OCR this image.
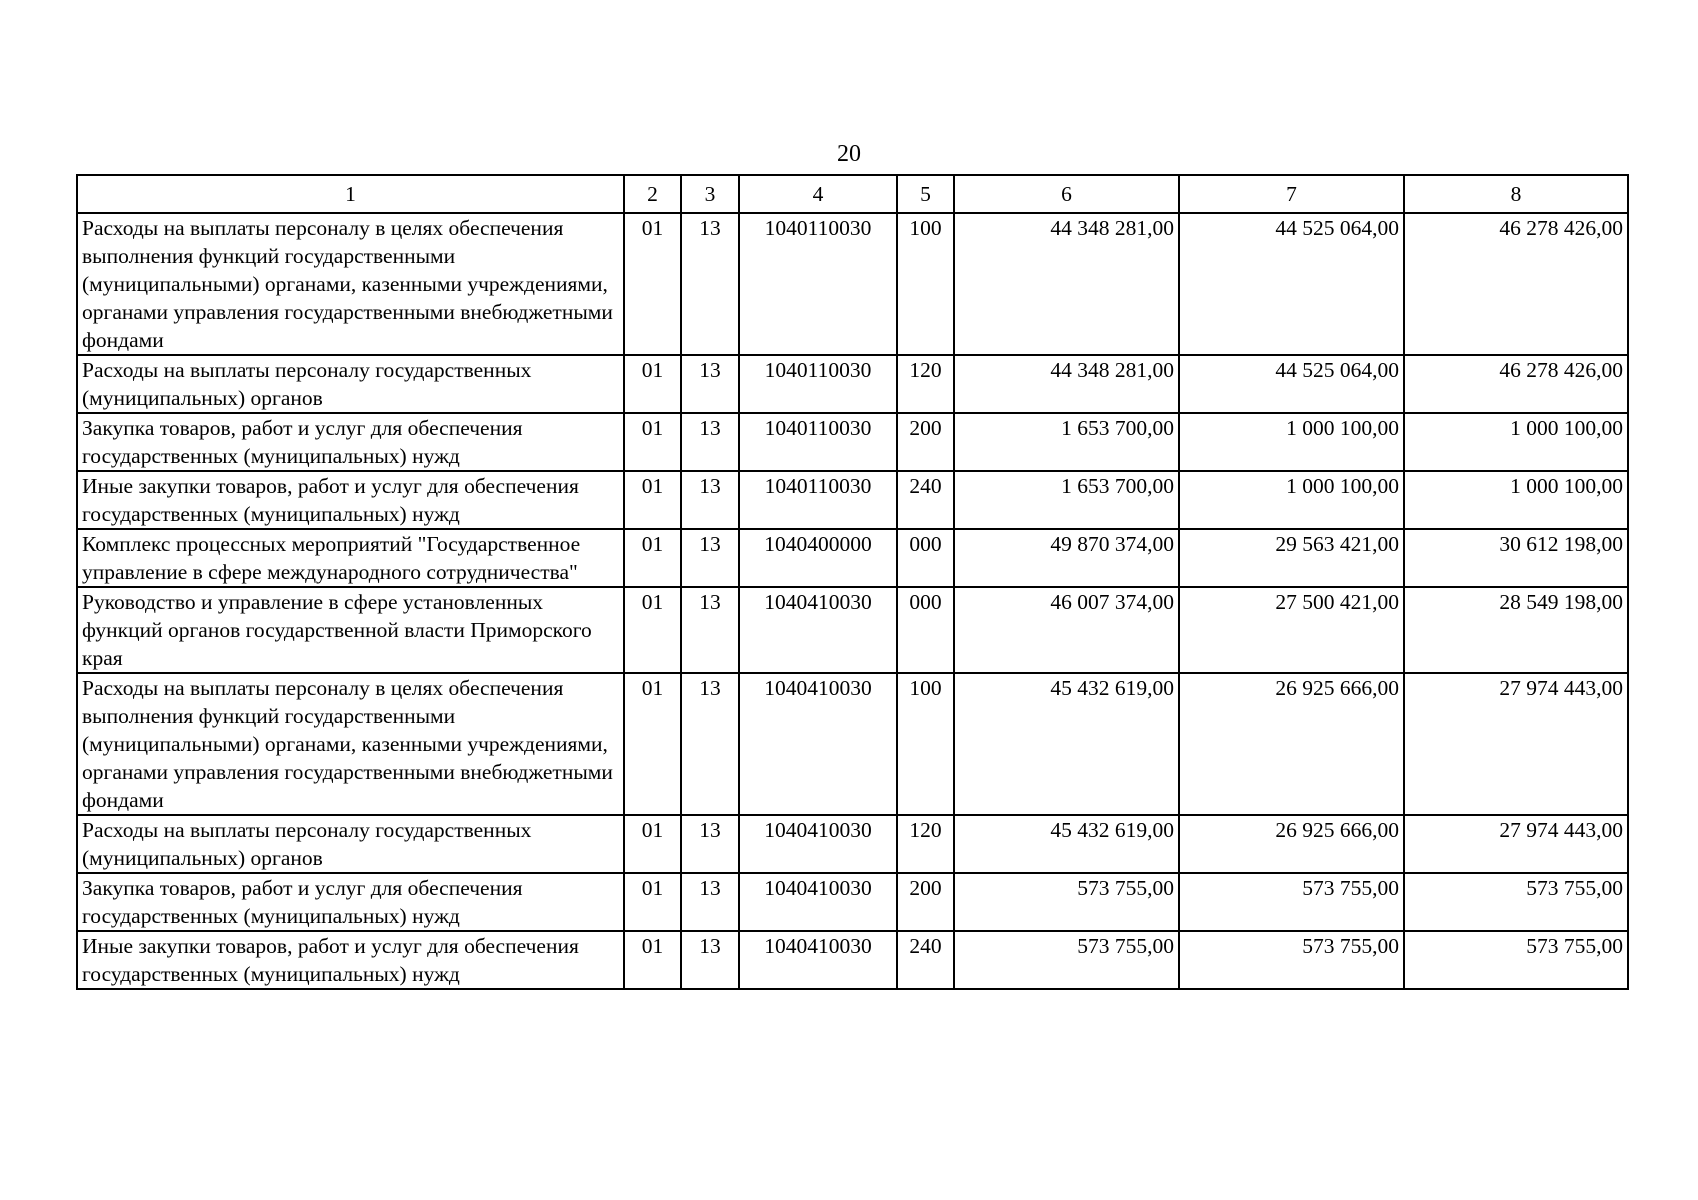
20
1	2	3	4	5	6	7	8
Расходы на выплаты персоналу в целях обеспечения выполнения функций государственными (муниципальными) органами, казенными учреждениями, органами управления государственными внебюджетными фондами	01	13	1040110030	100	44 348 281,00	44 525 064,00	46 278 426,00
Расходы на выплаты персоналу государственных (муниципальных) органов	01	13	1040110030	120	44 348 281,00	44 525 064,00	46 278 426,00
Закупка товаров, работ и услуг для обеспечения государственных (муниципальных) нужд	01	13	1040110030	200	1 653 700,00	1 000 100,00	1 000 100,00
Иные закупки товаров, работ и услуг для обеспечения государственных (муниципальных) нужд	01	13	1040110030	240	1 653 700,00	1 000 100,00	1 000 100,00
Комплекс процессных мероприятий "Государственное управление в сфере международного сотрудничества"	01	13	1040400000	000	49 870 374,00	29 563 421,00	30 612 198,00
Руководство и управление в сфере установленных функций органов государственной власти Приморского края	01	13	1040410030	000	46 007 374,00	27 500 421,00	28 549 198,00
Расходы на выплаты персоналу в целях обеспечения выполнения функций государственными (муниципальными) органами, казенными учреждениями, органами управления государственными внебюджетными фондами	01	13	1040410030	100	45 432 619,00	26 925 666,00	27 974 443,00
Расходы на выплаты персоналу государственных (муниципальных) органов	01	13	1040410030	120	45 432 619,00	26 925 666,00	27 974 443,00
Закупка товаров, работ и услуг для обеспечения государственных (муниципальных) нужд	01	13	1040410030	200	573 755,00	573 755,00	573 755,00
Иные закупки товаров, работ и услуг для обеспечения государственных (муниципальных) нужд	01	13	1040410030	240	573 755,00	573 755,00	573 755,00
